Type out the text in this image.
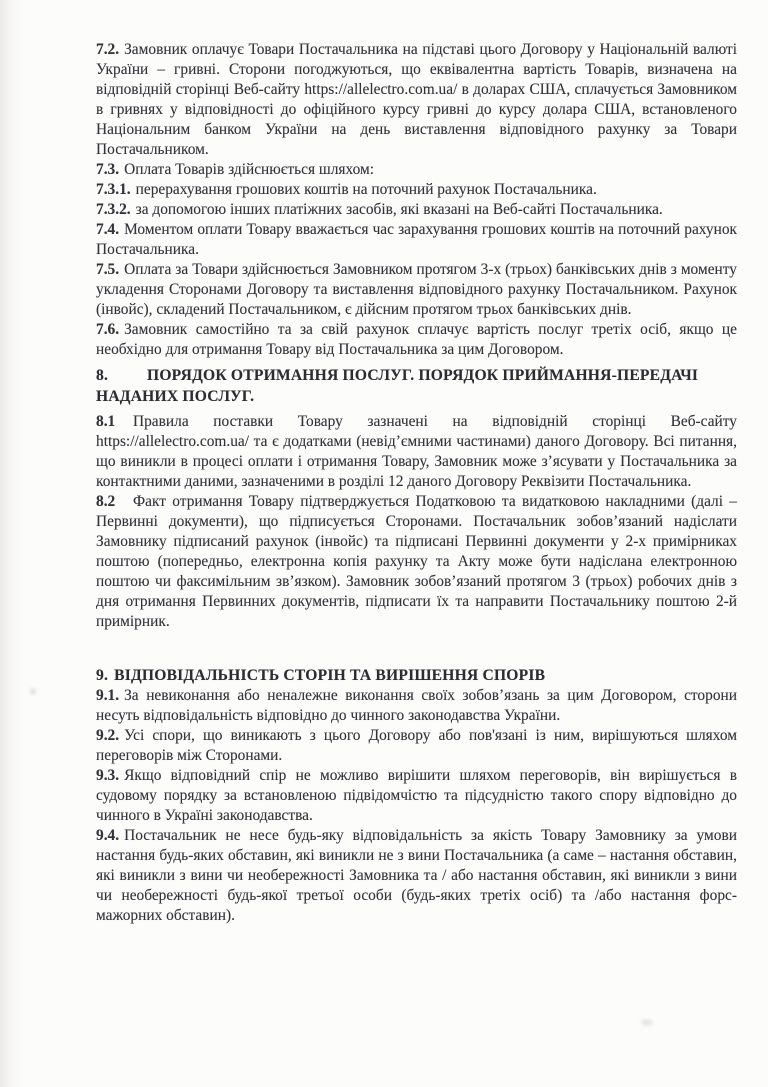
7.2. Замовник оплачує Товари Постачальника на підставі цього Договору у Національній валюті України – гривні. Сторони погоджуються, що еквівалентна вартість Товарів, визначена на відповідній сторінці Веб-сайту https://allelectro.com.ua/ в доларах США, сплачується Замовником в гривнях у відповідності до офіційного курсу гривні до курсу долара США, встановленого Національним банком України на день виставлення відповідного рахунку за Товари Постачальником.

7.3. Оплата Товарів здійснюється шляхом:

7.3.1. перерахування грошових коштів на поточний рахунок Постачальника.

7.3.2. за допомогою інших платіжних засобів, які вказані на Веб-сайті Постачальника.

7.4. Моментом оплати Товару вважається час зарахування грошових коштів на поточний рахунок Постачальника.

7.5. Оплата за Товари здійснюється Замовником протягом 3-х (трьох) банківських днів з моменту укладення Сторонами Договору та виставлення відповідного рахунку Постачальником. Рахунок (інвойс), складений Постачальником, є дійсним протягом трьох банківських днів.

7.6. Замовник самостійно та за свій рахунок сплачує вартість послуг третіх осіб, якщо це необхідно для отримання Товару від Постачальника за цим Договором.

8. ПОРЯДОК ОТРИМАННЯ ПОСЛУГ. ПОРЯДОК ПРИЙМАННЯ-ПЕРЕДАЧІ НАДАНИХ ПОСЛУГ.

8.1 Правила поставки Товару зазначені на відповідній сторінці Веб-сайту https://allelectro.com.ua/ та є додатками (невід’ємними частинами) даного Договору. Всі питання, що виникли в процесі оплати і отримання Товару, Замовник може з’ясувати у Постачальника за контактними даними, зазначеними в розділі 12 даного Договору Реквізити Постачальника.

8.2 Факт отримання Товару підтверджується Податковою та видатковою накладними (далі – Первинні документи), що підписується Сторонами. Постачальник зобов’язаний надіслати Замовнику підписаний рахунок (інвойс) та підписані Первинні документи у 2-х примірниках поштою (попередньо, електронна копія рахунку та Акту може бути надіслана електронною поштою чи факсимільним зв’язком). Замовник зобов’язаний протягом 3 (трьох) робочих днів з дня отримання Первинних документів, підписати їх та направити Постачальнику поштою 2-й примірник.

9. ВІДПОВІДАЛЬНІСТЬ СТОРІН ТА ВИРІШЕННЯ СПОРІВ

9.1. За невиконання або неналежне виконання своїх зобов’язань за цим Договором, сторони несуть відповідальність відповідно до чинного законодавства України.

9.2. Усі спори, що виникають з цього Договору або пов'язані із ним, вирішуються шляхом переговорів між Сторонами.

9.3. Якщо відповідний спір не можливо вирішити шляхом переговорів, він вирішується в судовому порядку за встановленою підвідомчістю та підсудністю такого спору відповідно до чинного в Україні законодавства.

9.4. Постачальник не несе будь-яку відповідальність за якість Товару Замовнику за умови настання будь-яких обставин, які виникли не з вини Постачальника (а саме – настання обставин, які виникли з вини чи необережності Замовника та / або настання обставин, які виникли з вини чи необережності будь-якої третьої особи (будь-яких третіх осіб) та /або настання форс-мажорних обставин).
